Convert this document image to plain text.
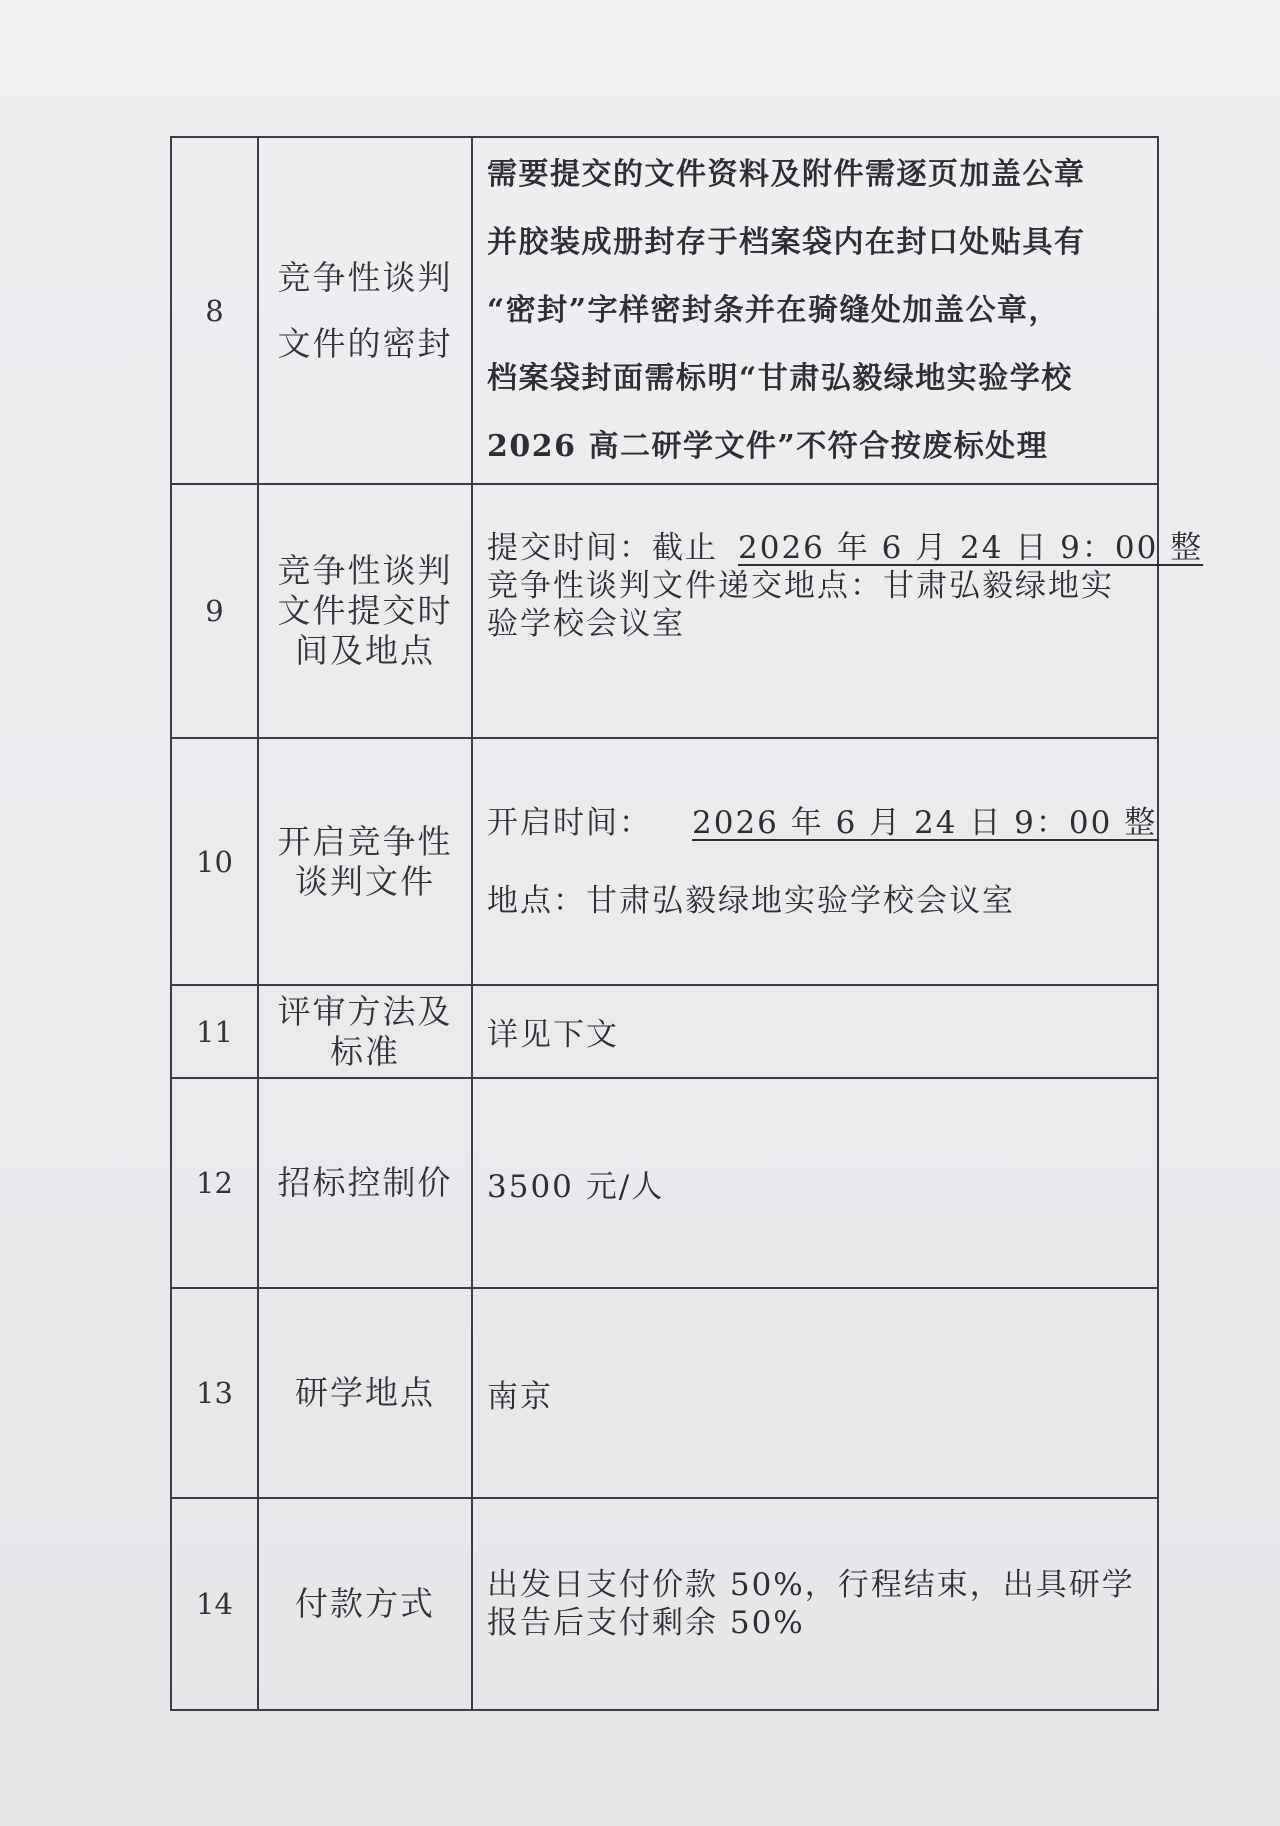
8	竞争性谈判
文件的密封	需要提交的文件资料及附件需逐页加盖公章
并胶装成册封存于档案袋内在封口处贴具有
“密封”字样密封条并在骑缝处加盖公章，
档案袋封面需标明“甘肃弘毅绿地实验学校
2026 高二研学文件”不符合按废标处理

9	竞争性谈判
文件提交时
间及地点	提交时间：截止 2026 年 6 月 24 日 9：00 整
竞争性谈判文件递交地点：甘肃弘毅绿地实
验学校会议室

10	开启竞争性
谈判文件	开启时间： 2026 年 6 月 24 日 9：00 整
地点：甘肃弘毅绿地实验学校会议室

11	评审方法及
标准	详见下文
12	招标控制价	3500 元/人
13	研学地点	南京
14	付款方式	出发日支付价款 50%，行程结束，出具研学
报告后支付剩余 50%
